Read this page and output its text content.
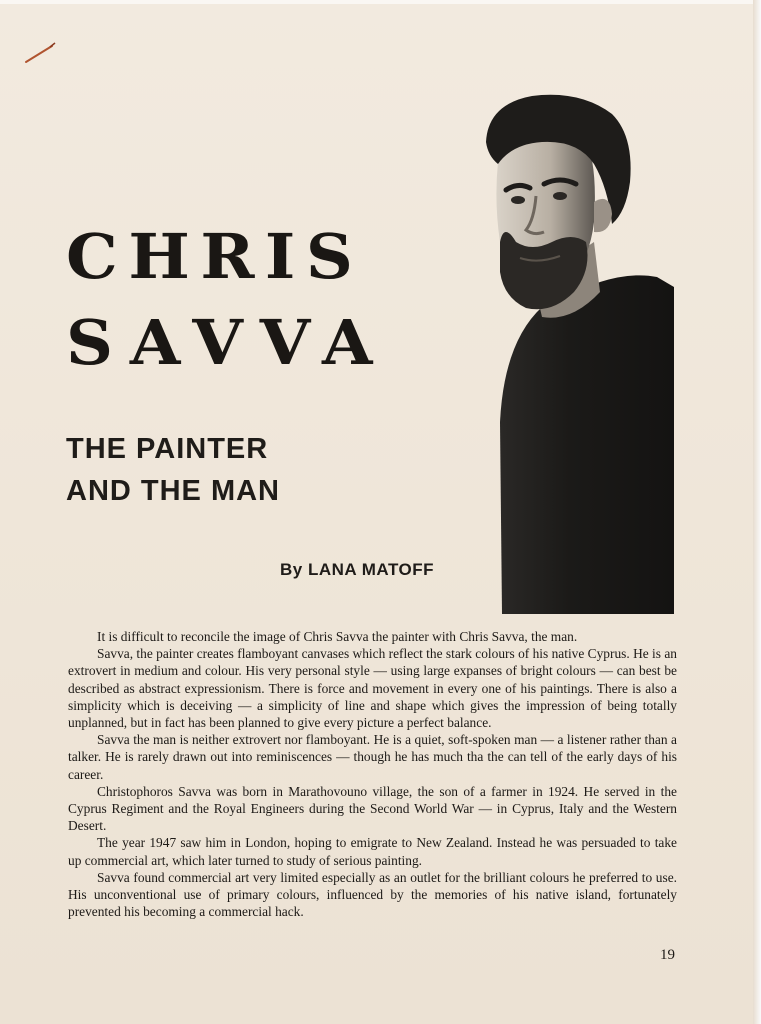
CHRIS
SAVVA
THE PAINTER
AND THE MAN
By LANA MATOFF

It is difficult to reconcile the image of Chris Savva the painter with Chris Savva, the man.

Savva, the painter creates flamboyant canvases which reflect the stark colours of his native Cyprus. He is an extrovert in medium and colour. His very personal style — using large expanses of bright colours — can best be described as abstract expressionism. There is force and movement in every one of his paintings. There is also a simplicity which is deceiving — a simplicity of line and shape which gives the impression of being totally unplanned, but in fact has been planned to give every picture a perfect balance.

Savva the man is neither extrovert nor flamboyant. He is a quiet, soft-spoken man — a listener rather than a talker. He is rarely drawn out into reminiscences — though he has much tha the can tell of the early days of his career.

Christophoros Savva was born in Marathovouno village, the son of a farmer in 1924. He served in the Cyprus Regiment and the Royal Engineers during the Second World War — in Cyprus, Italy and the Western Desert.

The year 1947 saw him in London, hoping to emigrate to New Zealand. Instead he was persuaded to take up commercial art, which later turned to study of serious painting.

Savva found commercial art very limited especially as an outlet for the brilliant colours he preferred to use. His unconventional use of primary colours, influenced by the memories of his native island, fortunately prevented his becoming a commercial hack.

19
